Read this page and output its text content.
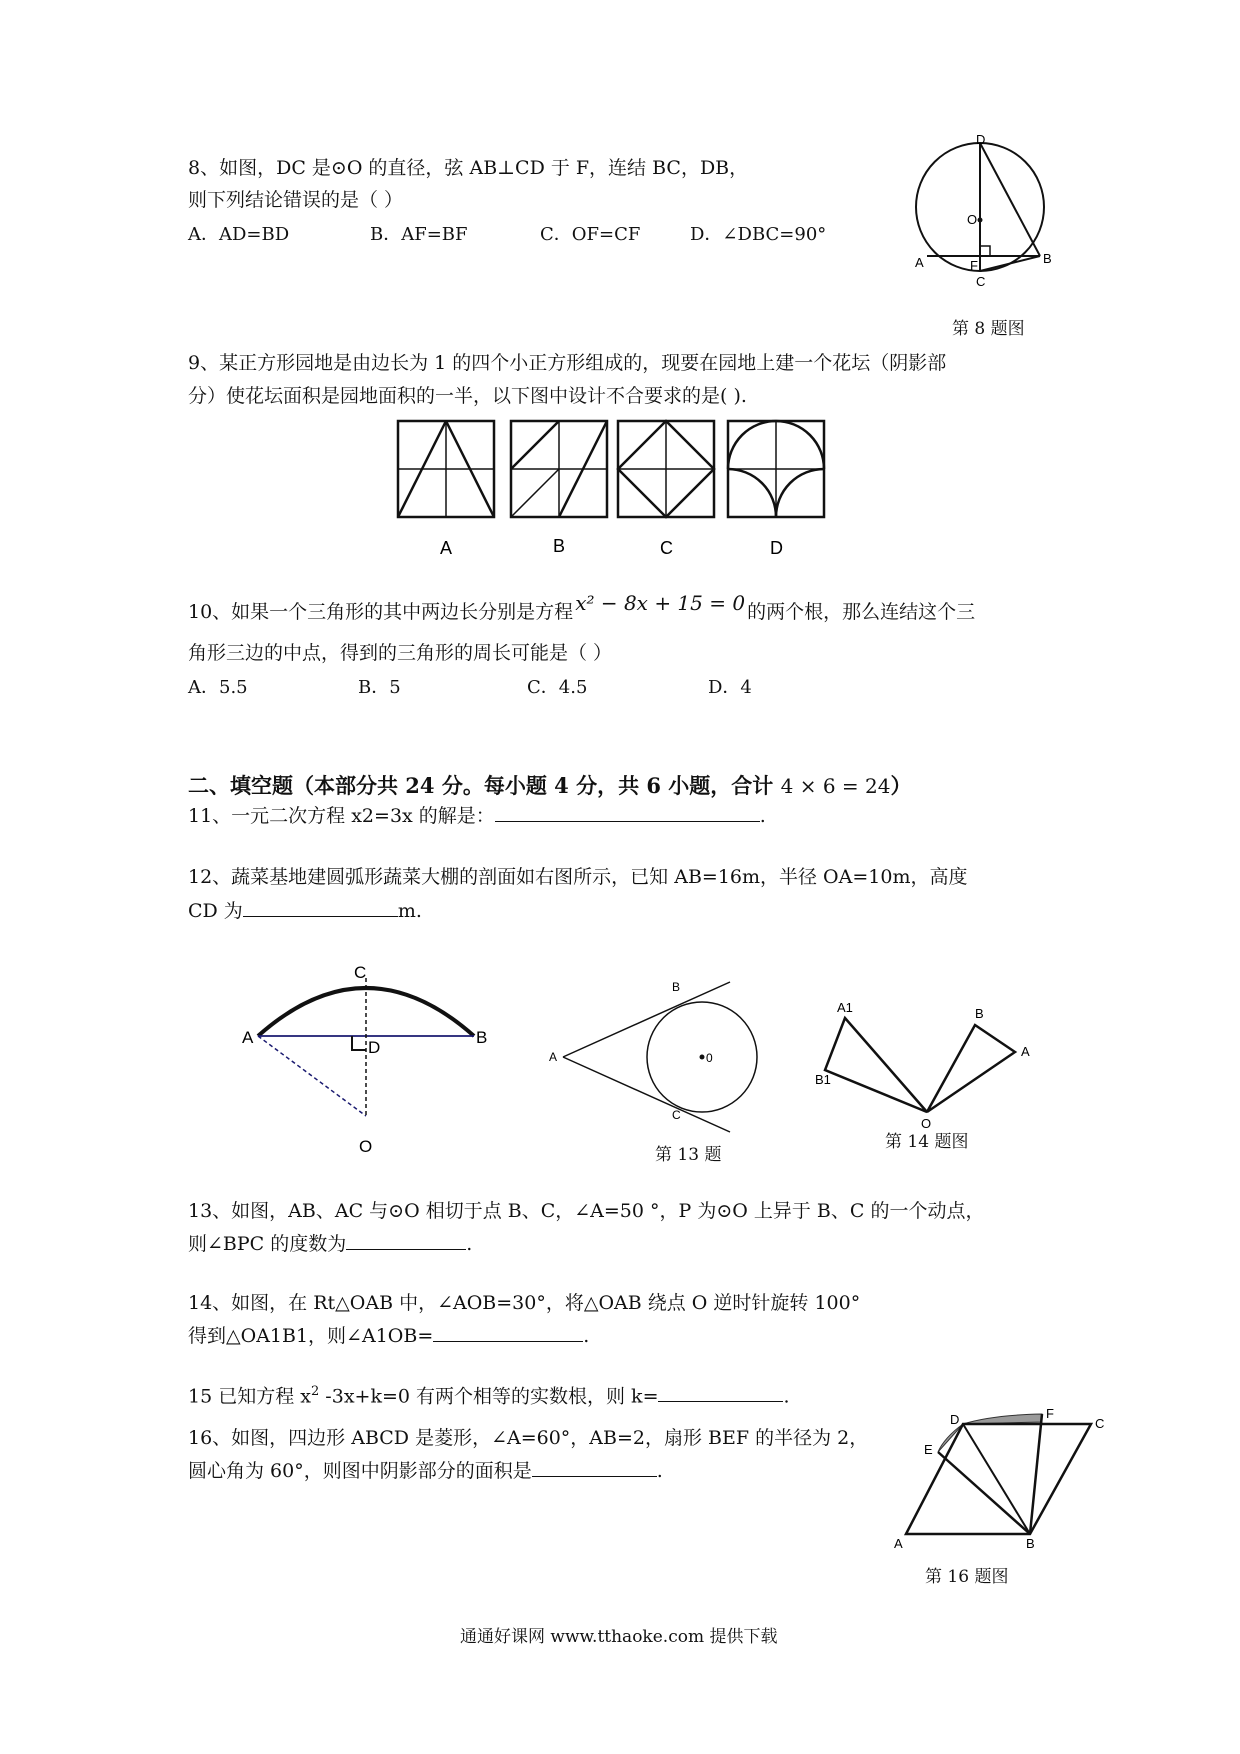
8、如图，DC 是⊙O 的直径，弦 AB⊥CD 于 F，连结 BC，DB，
则下列结论错误的是（ ）
A．AD=BD	B．AF=BF	C．OF=CF	D．∠DBC=90°
D
O
A	F	B
C
第 8 题图
9、某正方形园地是由边长为 1 的四个小正方形组成的，现要在园地上建一个花坛（阴影部
分）使花坛面积是园地面积的一半，以下图中设计不合要求的是( ).
A	B	C	D
10、如果一个三角形的其中两边长分别是方程 x² − 8x + 15 = 0 的两个根，那么连结这个三
角形三边的中点，得到的三角形的周长可能是（ ）
A．5.5	B．5	C．4.5	D．4
二、填空题（本部分共 24 分。每小题 4 分，共 6 小题，合计 4 × 6 = 24）
11、一元二次方程 x2=3x 的解是：	.
12、蔬菜基地建圆弧形蔬菜大棚的剖面如右图所示，已知 AB=16m，半径 OA=10m，高度
CD 为	m.
C
A
D
B
O
B
A	0
C
第 13 题
A1	B
A
B1
O
第 14 题图
13、如图，AB、AC 与⊙O 相切于点 B、C，∠A=50 °，P 为⊙O 上异于 B、C 的一个动点，
则∠BPC 的度数为	.
14、如图，在 Rt△OAB 中，∠AOB=30°，将△OAB 绕点 O 逆时针旋转 100°
得到△OA1B1，则∠A1OB=	.
15 已知方程 $x^2$ -3x+k=0 有两个相等的实数根，则 k=	.
16、如图，四边形 ABCD 是菱形，∠A=60°，AB=2，扇形 BEF 的半径为 2，
圆心角为 60°，则图中阴影部分的面积是	.
D	F
C
E
A	B
第 16 题图
通通好课网 www.tthaoke.com 提供下载
